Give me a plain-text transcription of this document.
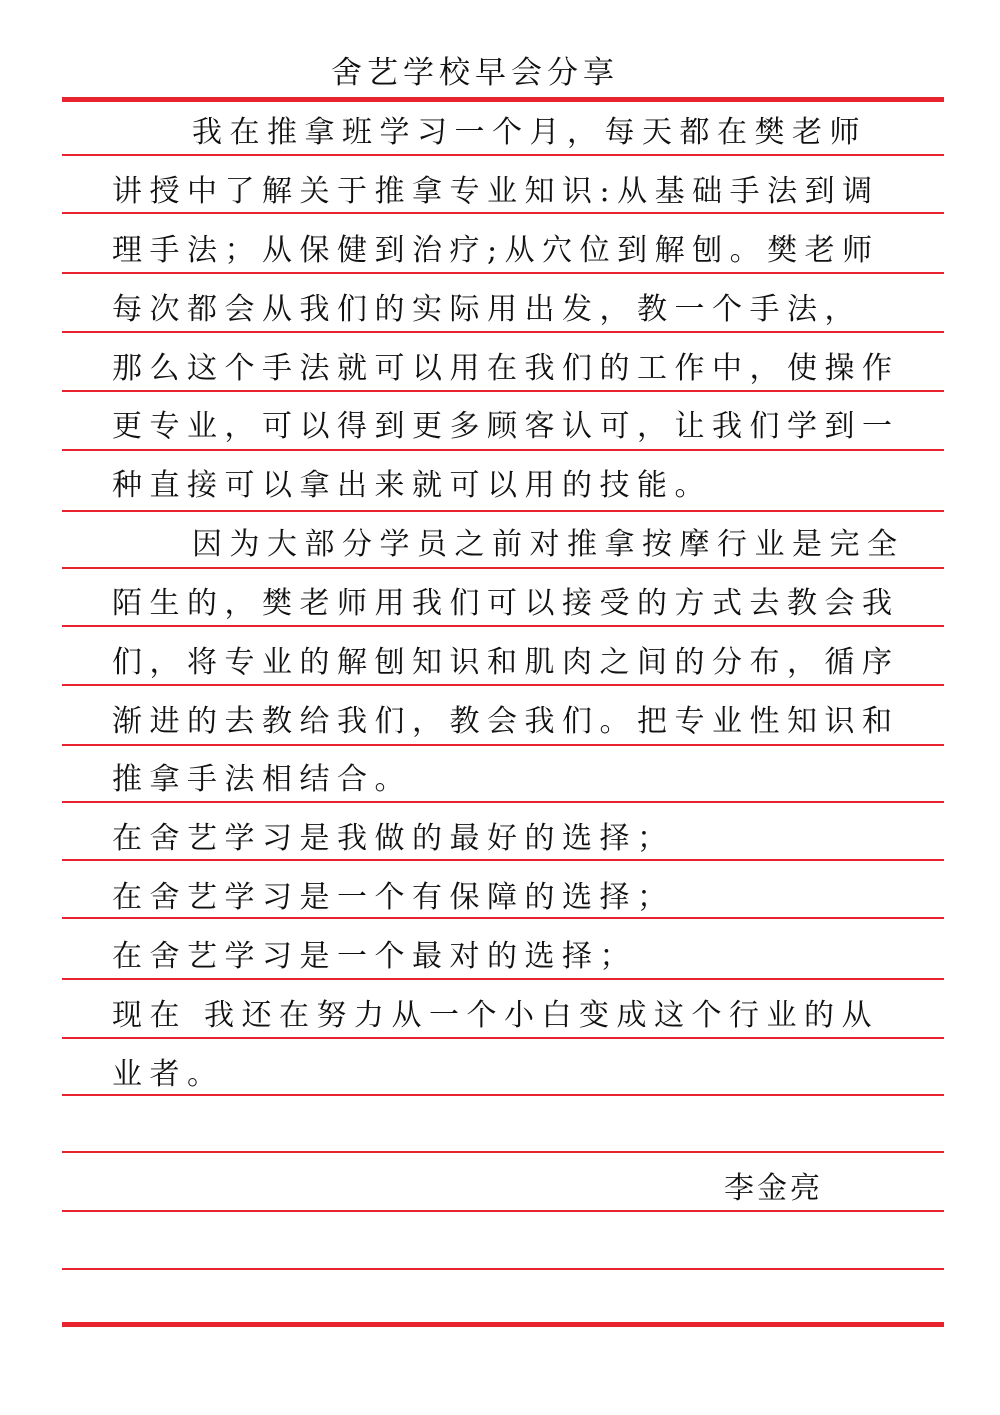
舍艺学校早会分享
我在推拿班学习一个月，每天都在樊老师
讲授中了解关于推拿专业知识:从基础手法到调
理手法；从保健到治疗;从穴位到解刨。樊老师
每次都会从我们的实际用出发，教一个手法，
那么这个手法就可以用在我们的工作中，使操作
更专业，可以得到更多顾客认可，让我们学到一
种直接可以拿出来就可以用的技能。
因为大部分学员之前对推拿按摩行业是完全
陌生的，樊老师用我们可以接受的方式去教会我
们，将专业的解刨知识和肌肉之间的分布，循序
渐进的去教给我们，教会我们。把专业性知识和
推拿手法相结合。
在舍艺学习是我做的最好的选择；
在舍艺学习是一个有保障的选择；
在舍艺学习是一个最对的选择；
现在 我还在努力从一个小白变成这个行业的从
业者。
李金亮
